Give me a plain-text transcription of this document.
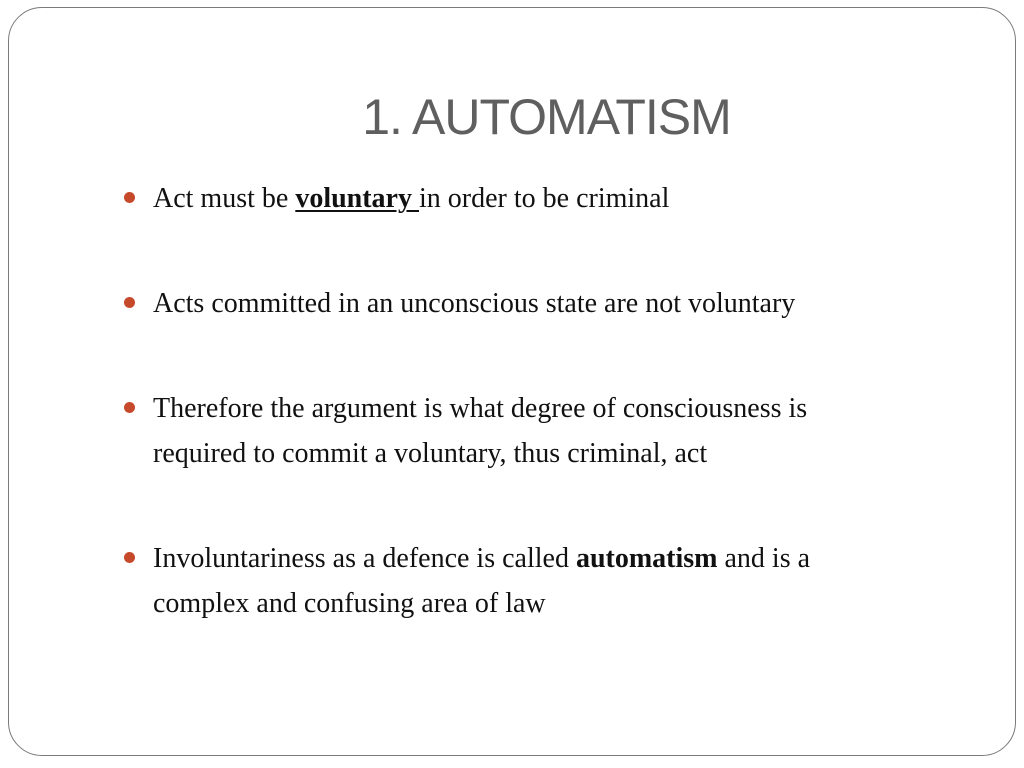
1. AUTOMATISM
Act must be voluntary in order to be criminal
Acts committed in an unconscious state are not voluntary
Therefore the argument is what degree of consciousness is
required to commit a voluntary, thus criminal, act
Involuntariness as a defence is called automatism and is a
complex and confusing area of law
